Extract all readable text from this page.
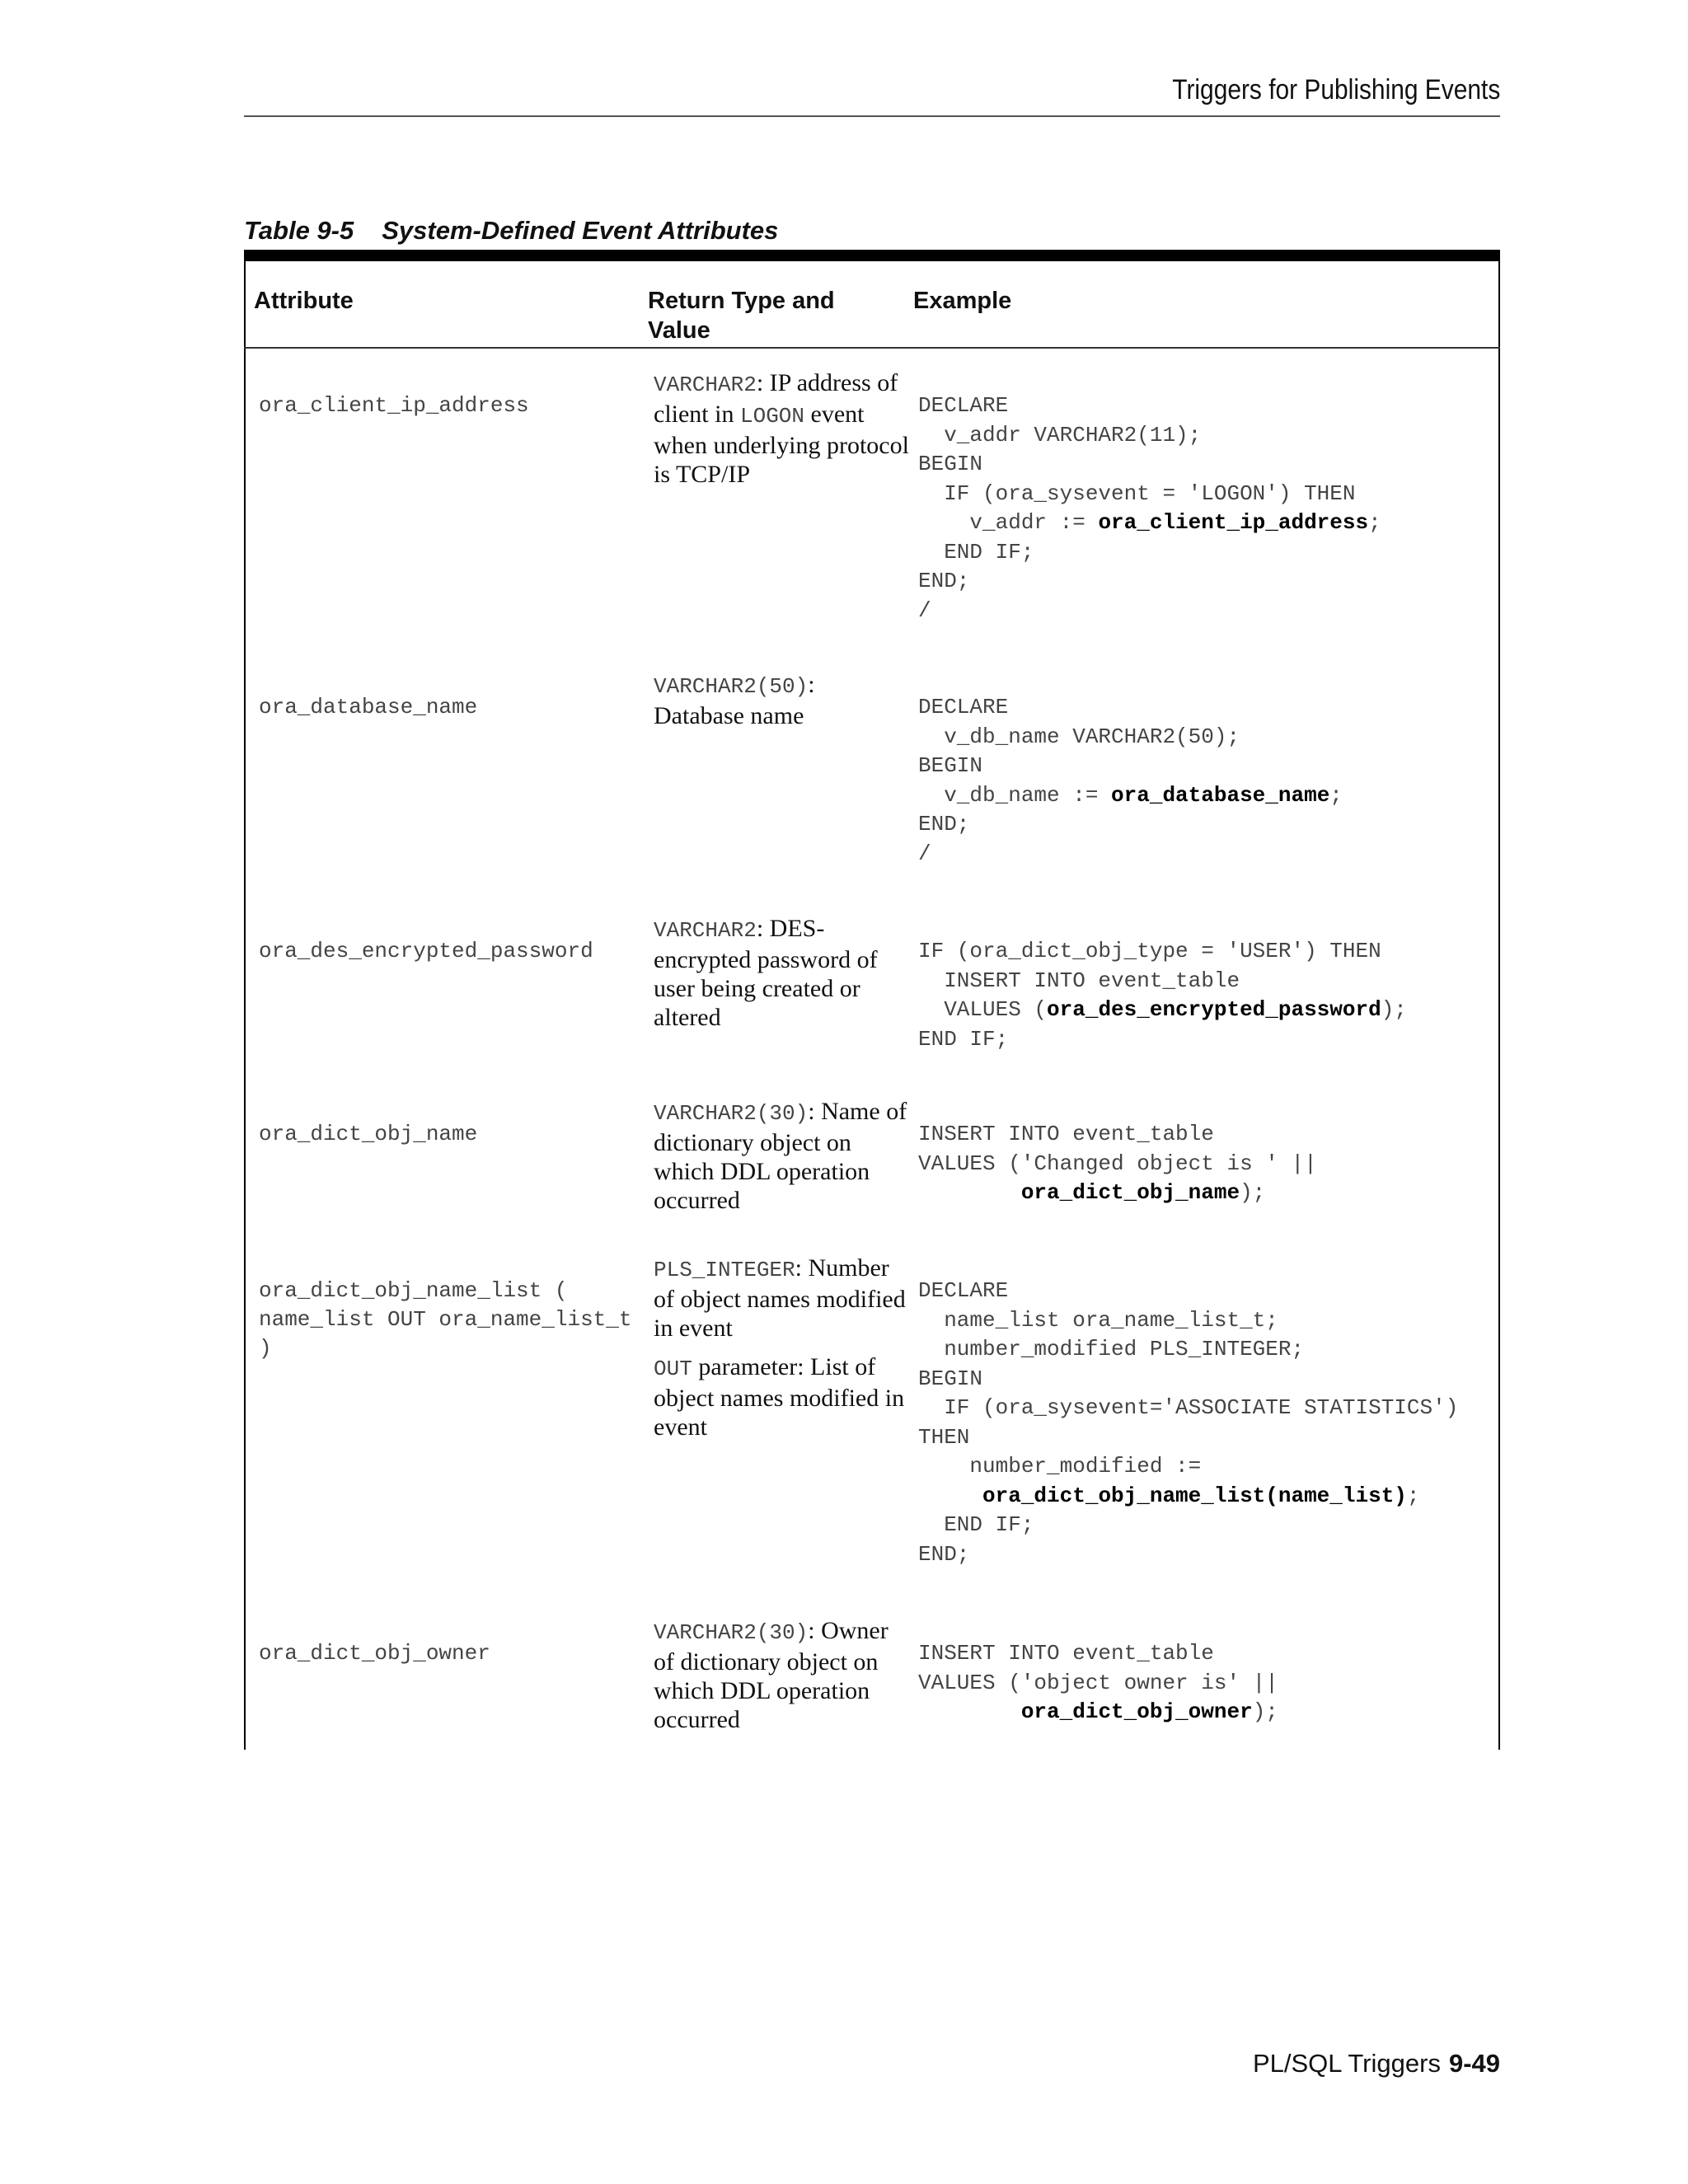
Triggers for Publishing Events
Table 9-5 System-Defined Event Attributes
Attribute	Return Type and Value
Example
ora_client_ip_address
VARCHAR2: IP address of client in LOGON event when underlying protocol is TCP/IP
DECLARE
v_addr VARCHAR2(11);
BEGIN
IF (ora_sysevent = 'LOGON') THEN
v_addr := ora_client_ip_address;
END IF;
END;
/
ora_database_name
VARCHAR2(50): Database name	DECLARE
v_db_name VARCHAR2(50);
BEGIN
v_db_name := ora_database_name;
END;
/
ora_des_encrypted_password
VARCHAR2: DES-encrypted password of user being created or altered
IF (ora_dict_obj_type = 'USER') THEN
INSERT INTO event_table
VALUES (ora_des_encrypted_password);
END IF;
ora_dict_obj_name
VARCHAR2(30): Name of dictionary object on which DDL operation occurred
INSERT INTO event_table
VALUES ('Changed object is ' ||
ora_dict_obj_name);
ora_dict_obj_name_list (
name_list OUT ora_name_list_t
)

PLS_INTEGER: Number of object names modified in event

OUT parameter: List of object names modified in event

DECLARE
name_list ora_name_list_t;
number_modified PLS_INTEGER;
BEGIN
IF (ora_sysevent='ASSOCIATE STATISTICS')
THEN
number_modified :=
ora_dict_obj_name_list(name_list);
END IF;
END;
ora_dict_obj_owner
VARCHAR2(30): Owner of dictionary object on which DDL operation occurred
INSERT INTO event_table
VALUES ('object owner is' ||
ora_dict_obj_owner);
PL/SQL Triggers 9-49
